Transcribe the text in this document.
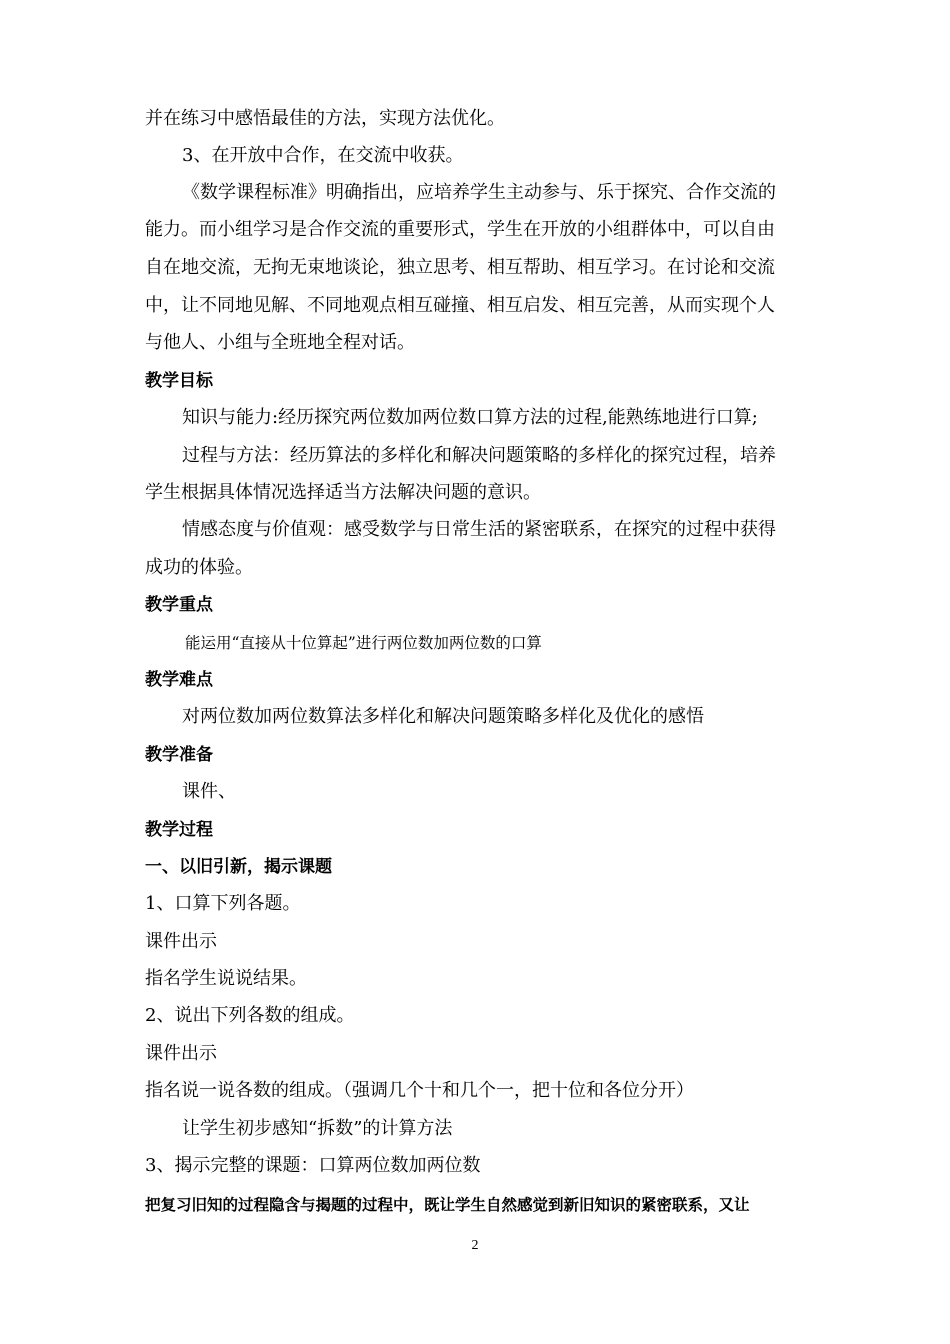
并在练习中感悟最佳的方法，实现方法优化。
3、在开放中合作，在交流中收获。
《数学课程标准》明确指出，应培养学生主动参与、乐于探究、合作交流的
能力。而小组学习是合作交流的重要形式，学生在开放的小组群体中，可以自由
自在地交流，无拘无束地谈论，独立思考、相互帮助、相互学习。在讨论和交流
中，让不同地见解、不同地观点相互碰撞、相互启发、相互完善，从而实现个人
与他人、小组与全班地全程对话。
教学目标
知识与能力:经历探究两位数加两位数口算方法的过程,能熟练地进行口算;
过程与方法：经历算法的多样化和解决问题策略的多样化的探究过程，培养
学生根据具体情况选择适当方法解决问题的意识。
情感态度与价值观：感受数学与日常生活的紧密联系，在探究的过程中获得
成功的体验。
教学重点
能运用“直接从十位算起”进行两位数加两位数的口算
教学难点
对两位数加两位数算法多样化和解决问题策略多样化及优化的感悟
教学准备
课件、
教学过程
一、以旧引新，揭示课题
1、口算下列各题。
课件出示
指名学生说说结果。
2、说出下列各数的组成。
课件出示
指名说一说各数的组成。（强调几个十和几个一，把十位和各位分开）
让学生初步感知“拆数”的计算方法
3、揭示完整的课题：口算两位数加两位数
把复习旧知的过程隐含与揭题的过程中，既让学生自然感觉到新旧知识的紧密联系，又让
2
